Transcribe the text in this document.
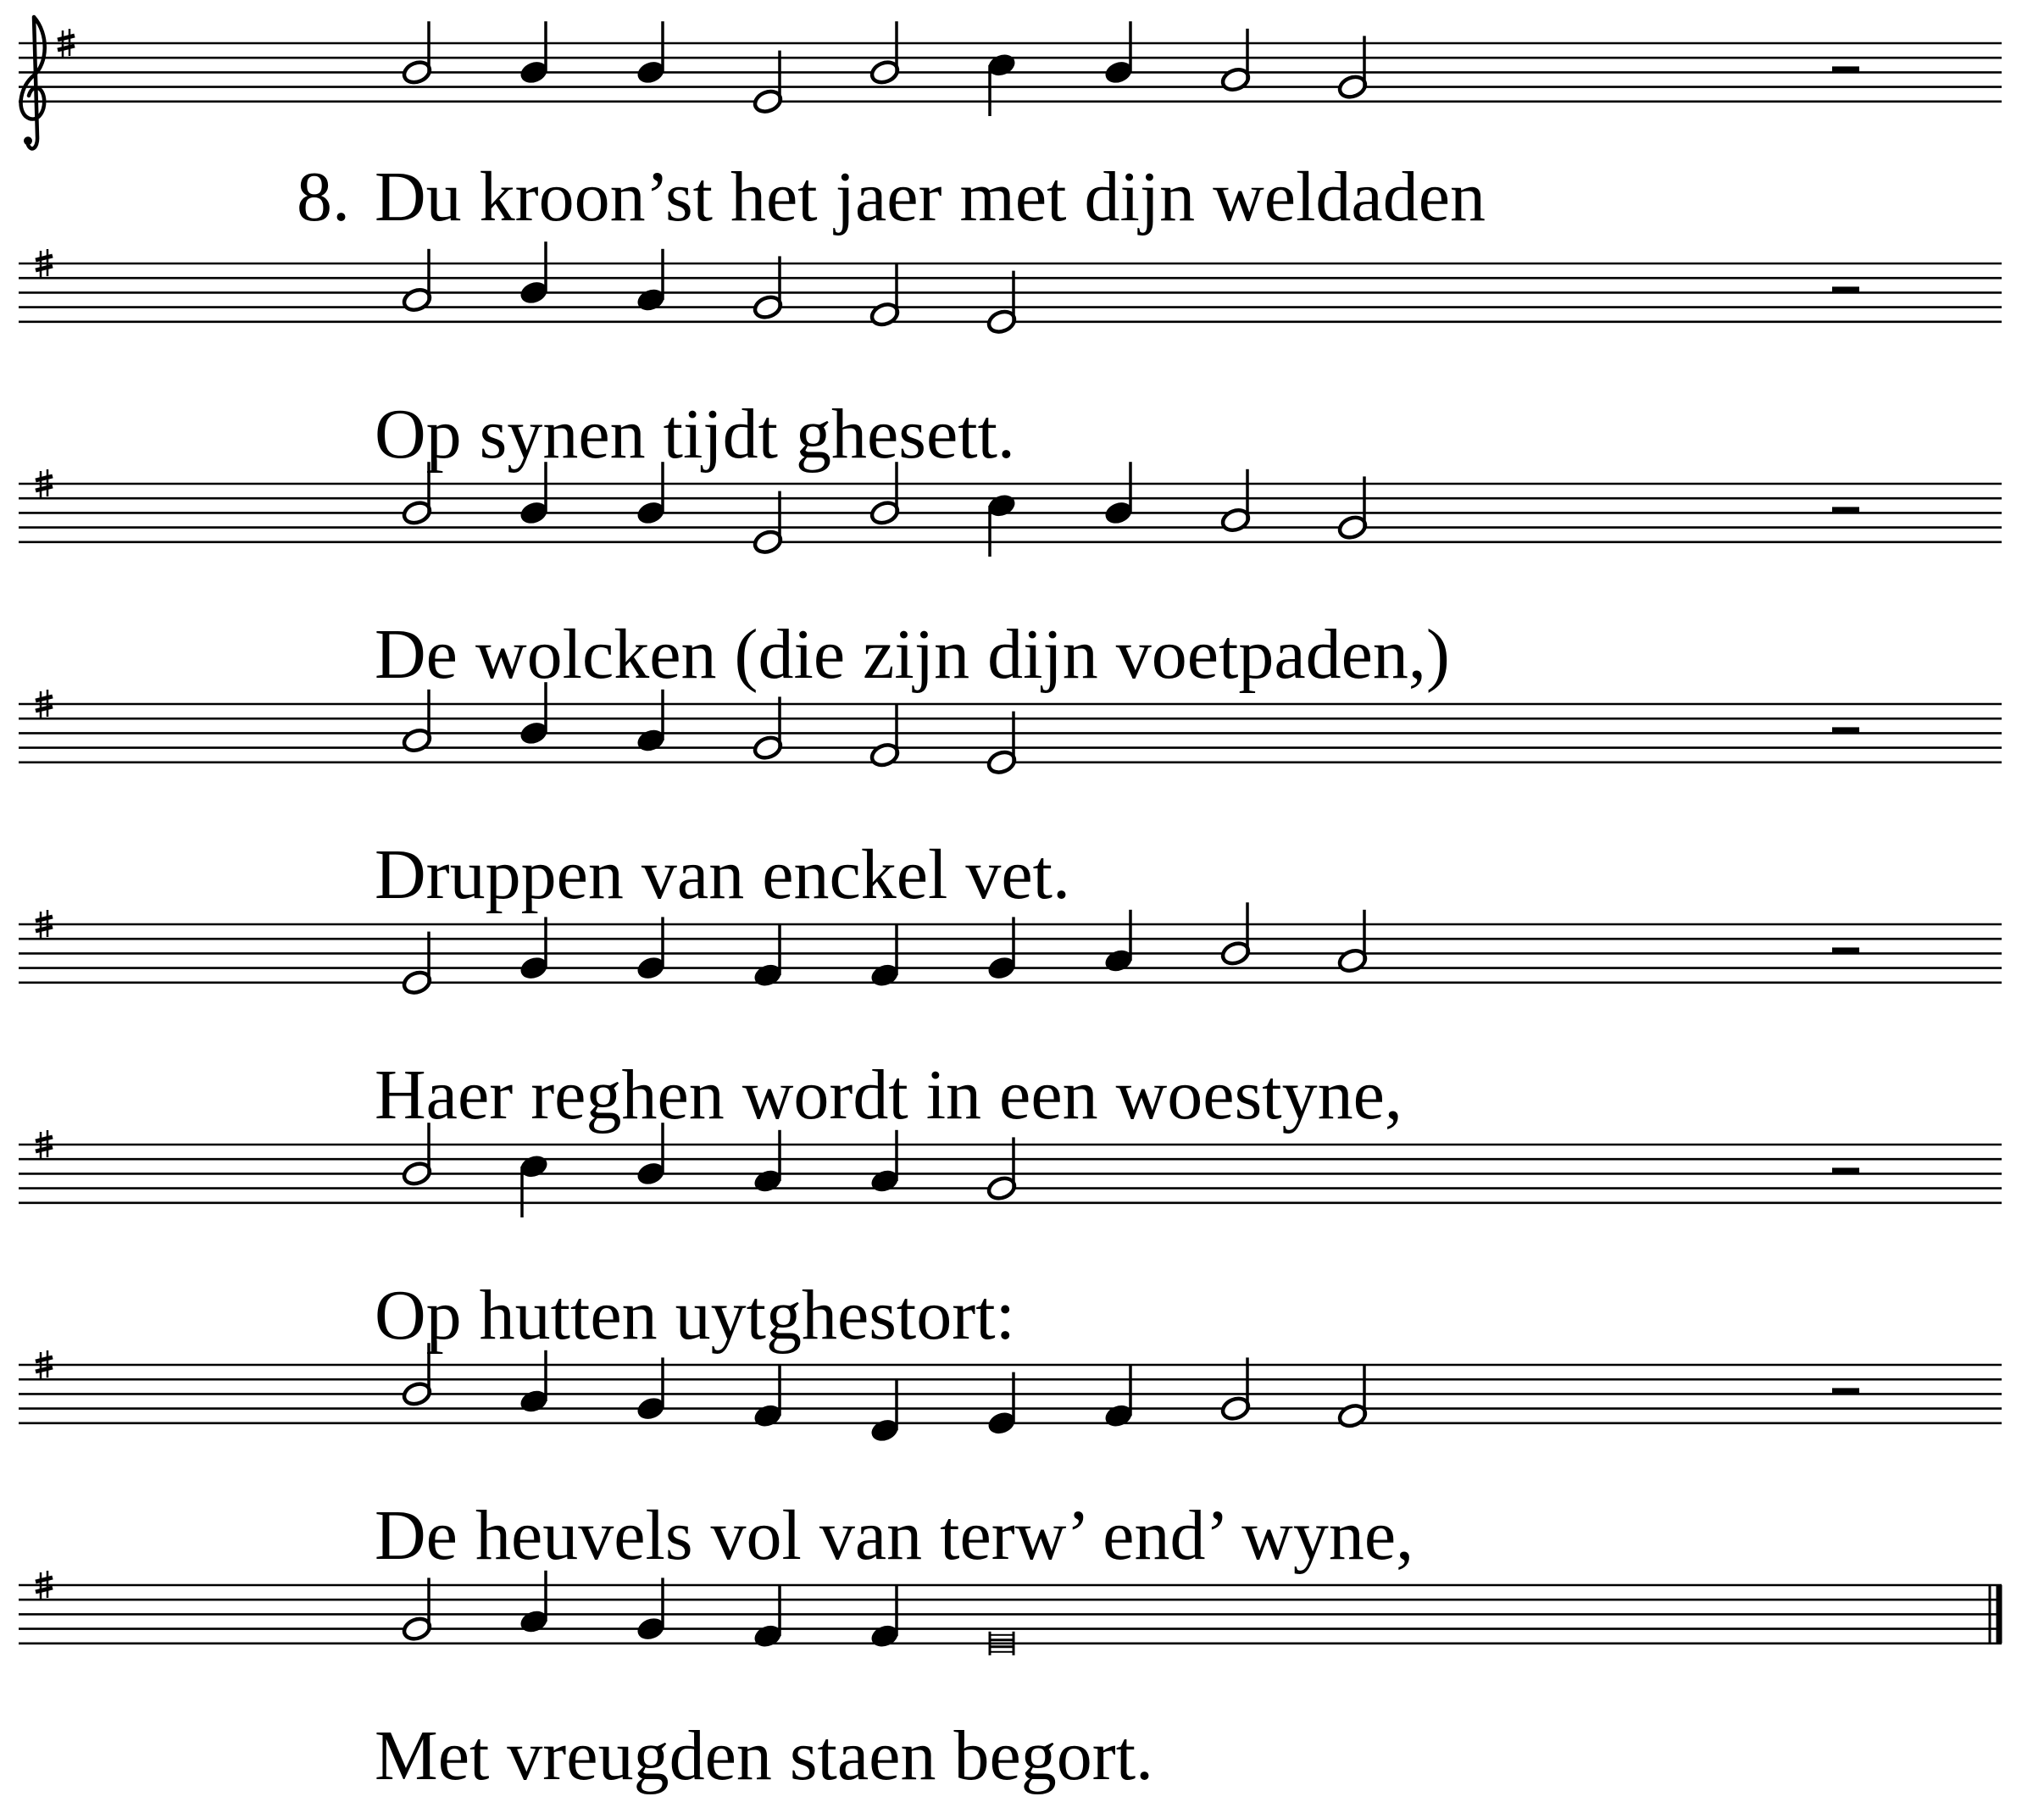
8. Du kroon’st het jaer met dijn weldaden
Op synen tijdt ghesett.
De wolcken (die zijn dijn voetpaden,)
Druppen van enckel vet.
Haer reghen wordt in een woestyne,
Op hutten uytghestort:
De heuvels vol van terw’ end’ wyne,
Met vreugden staen begort.
